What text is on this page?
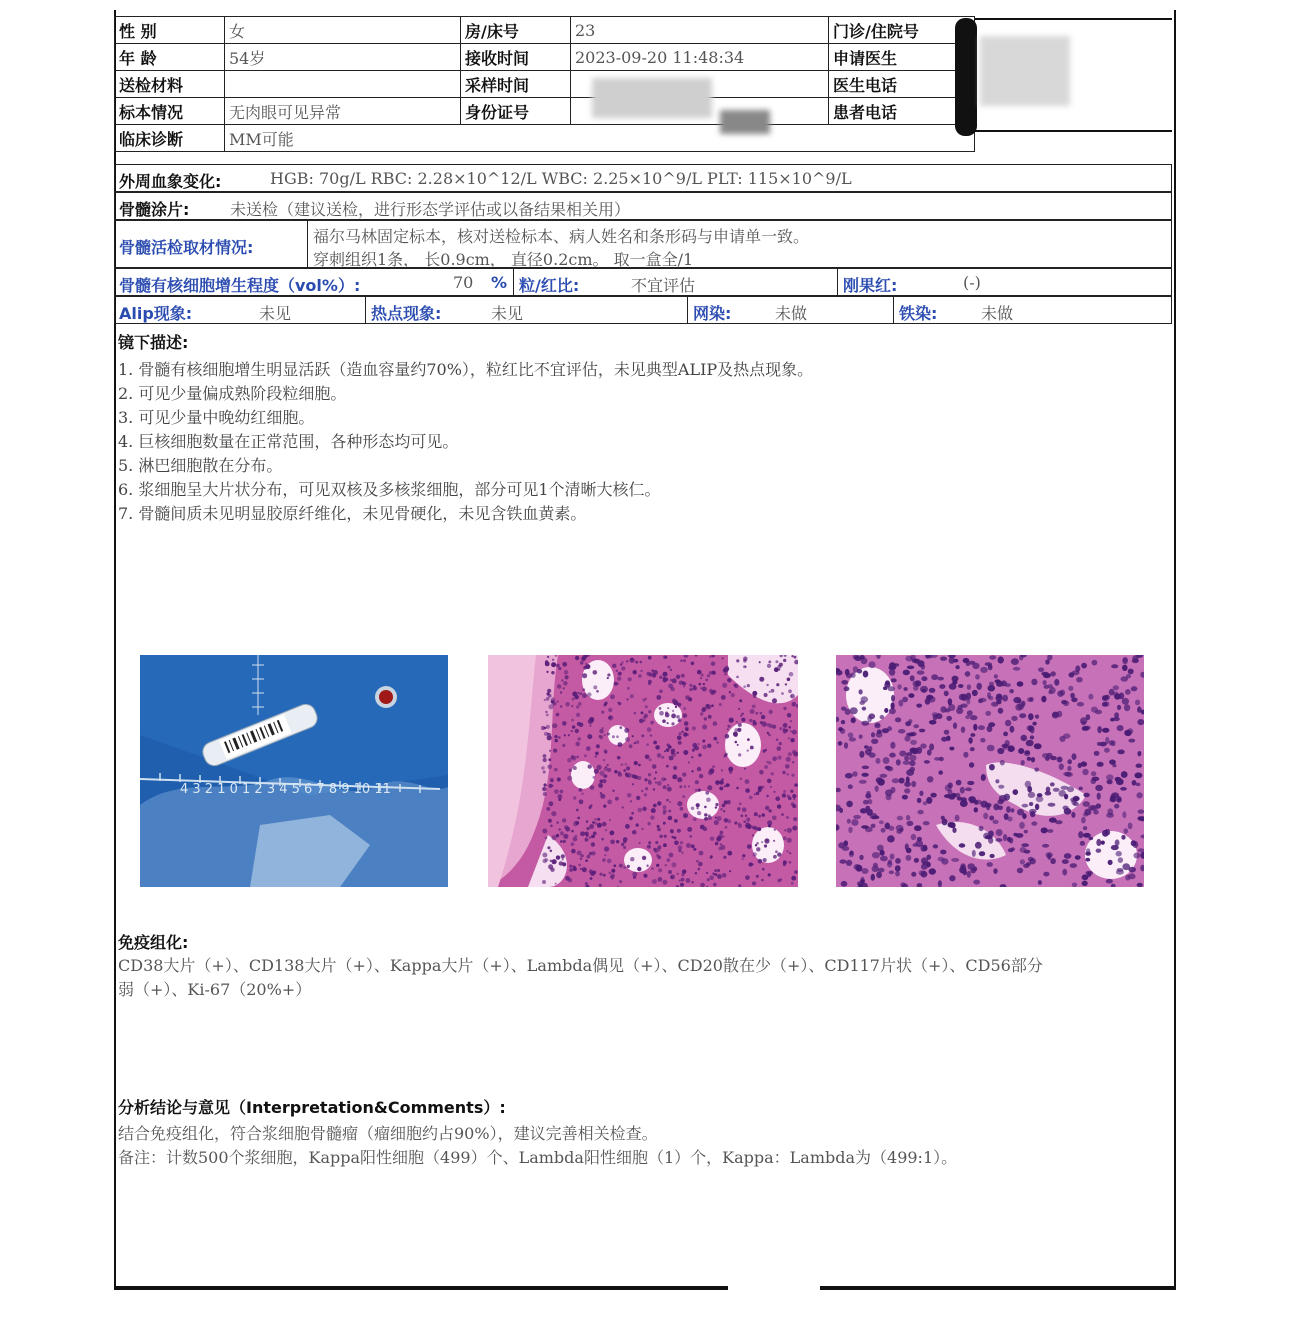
性 别	女	房/床号	23	门诊/住院号
年 龄	54岁	接收时间	2023-09-20 11:48:34	申请医生
送检材料		采样时间		医生电话
标本情况	无肉眼可见异常	身份证号		患者电话
临床诊断	MM可能			
外周血象变化:	HGB: 70g/L RBC: 2.28×10^12/L WBC: 2.25×10^9/L PLT: 115×10^9/L
骨髓涂片:	未送检（建议送检，进行形态学评估或以备结果相关用）
骨髓活检取材情况:
福尔马林固定标本，核对送检标本、病人姓名和条形码与申请单一致。
穿刺组织1条， 长0.9cm， 直径0.2cm。 取一盒全/1
骨髓有核细胞增生程度（vol%）:	70 % 粒/红比:	不宜评估	刚果红:	(-)
Alip现象:	未见	热点现象:	未见	网染:	未做	铁染:	未做
镜下描述:
1. 骨髓有核细胞增生明显活跃（造血容量约70%），粒红比不宜评估，未见典型ALIP及热点现象。
2. 可见少量偏成熟阶段粒细胞。
3. 可见少量中晚幼红细胞。
4. 巨核细胞数量在正常范围，各种形态均可见。
5. 淋巴细胞散在分布。
6. 浆细胞呈大片状分布，可见双核及多核浆细胞，部分可见1个清晰大核仁。
7. 骨髓间质未见明显胶原纤维化，未见骨硬化，未见含铁血黄素。
4 3 2 1 0 1 2 3 4 5 6 7 8 9 10 11
免疫组化:
CD38大片（+）、CD138大片（+）、Kappa大片（+）、Lambda偶见（+）、CD20散在少（+）、CD117片状（+）、CD56部分
弱（+）、Ki-67（20%+）
分析结论与意见（Interpretation&Comments）:
结合免疫组化，符合浆细胞骨髓瘤（瘤细胞约占90%），建议完善相关检查。
备注：计数500个浆细胞，Kappa阳性细胞（499）个、Lambda阳性细胞（1）个，Kappa：Lambda为（499:1）。
